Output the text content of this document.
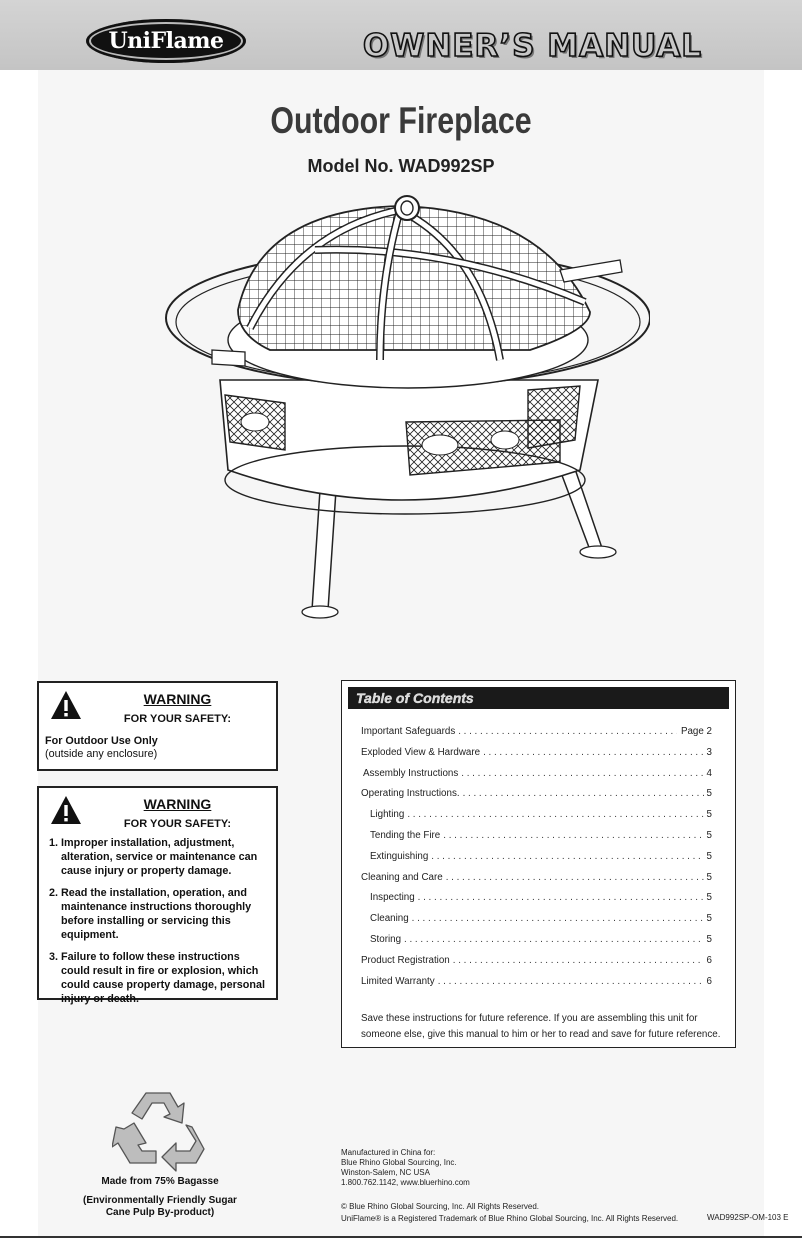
UniFlame	OWNER’S MANUAL
Outdoor Fireplace
Model No. WAD992SP
WARNING
FOR YOUR SAFETY:
For Outdoor Use Only
(outside any enclosure)
WARNING
FOR YOUR SAFETY:
1. Improper installation, adjustment, alteration, service or maintenance can cause injury or property damage.
2. Read the installation, operation, and maintenance instructions thoroughly before installing or servicing this equipment.
3. Failure to follow these instructions could result in fire or explosion, which could cause property damage, personal injury or death.
Table of Contents
Important Safeguards . . .	Page 2
Exploded View & Hardware . . .	3
Assembly Instructions . . .	4
Operating Instructions. . . .	5
Lighting . . .	5
Tending the Fire . . .	5
Extinguishing . . .	5
Cleaning and Care . . .	5
Inspecting . . .	5
Cleaning . . .	5
Storing . . .	5
Product Registration . . .	6
Limited Warranty . . .	6
Save these instructions for future reference. If you are assembling this unit for someone else, give this manual to him or her to read and save for future reference.
Made from 75% Bagasse
(Environmentally Friendly Sugar Cane Pulp By-product)
Manufactured in China for:
Blue Rhino Global Sourcing, Inc.
Winston-Salem, NC USA
1.800.762.1142, www.bluerhino.com
© Blue Rhino Global Sourcing, Inc. All Rights Reserved.
UniFlame® is a Registered Trademark of Blue Rhino Global Sourcing, Inc. All Rights Reserved.	WAD992SP-OM-103 E
